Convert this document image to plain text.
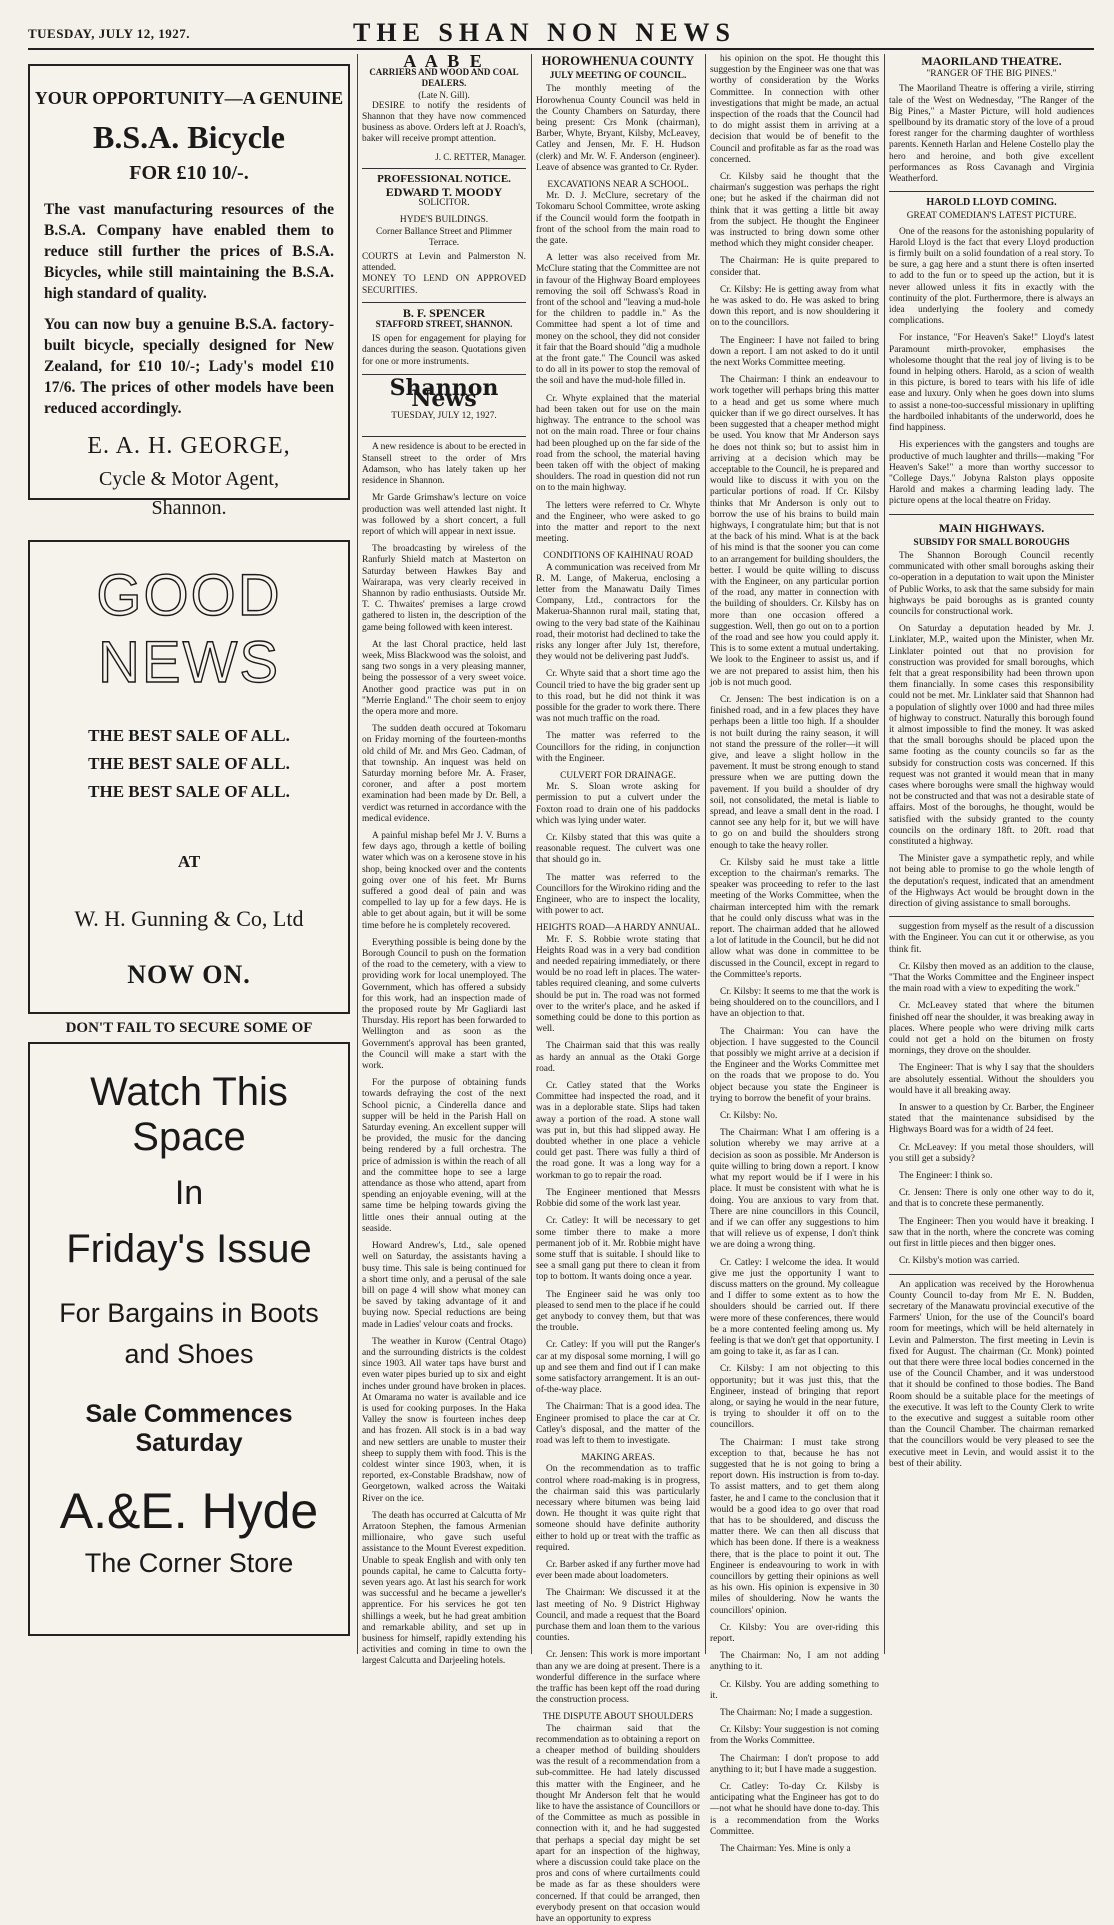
TUESDAY, JULY 12, 1927.	THE SHAN NON NEWS
YOUR OPPORTUNITY—A GENUINE
B.S.A. Bicycle
FOR £10 10/-.
The vast manufacturing resources of the B.S.A. Company have enabled them to reduce still further the prices of B.S.A. Bicycles, while still maintaining the B.S.A. high standard of quality.
You can now buy a genuine B.S.A. factory-built bicycle, specially designed for New Zealand, for £10 10/-; Lady's model £10 17/6. The prices of other models have been reduced accordingly.
E. A. H. GEORGE,
Cycle & Motor Agent,
Shannon.
GOOD NEWS
THE BEST SALE OF ALL.
THE BEST SALE OF ALL.
THE BEST SALE OF ALL.
AT
W. H. Gunning & Co, Ltd
NOW ON.
DON'T FAIL TO SECURE SOME OF
Watch This Space
In
Friday's Issue
For Bargains in Boots
and Shoes
Sale Commences Saturday
A.&E. Hyde
The Corner Store
A A B E
CARRIERS AND WOOD AND COAL DEALERS.
(Late N. Gill).

DESIRE to notify the residents of Shannon that they have now commenced business as above. Orders left at J. Roach's, baker will receive prompt attention.

J. C. RETTER, Manager.
PROFESSIONAL NOTICE.
EDWARD T. MOODY
SOLICITOR.
HYDE'S BUILDINGS.
Corner Ballance Street and Plimmer Terrace.
COURTS at Levin and Palmerston N. attended.
MONEY TO LEND ON APPROVED SECURITIES.
B. F. SPENCER
STAFFORD STREET, SHANNON.

IS open for engagement for playing for dances during the season. Quotations given for one or more instruments.

Shannon News
TUESDAY, JULY 12, 1927.

A new residence is about to be erected in Stansell street to the order of Mrs Adamson, who has lately taken up her residence in Shannon.

Mr Garde Grimshaw's lecture on voice production was well attended last night. It was followed by a short concert, a full report of which will appear in next issue.

The broadcasting by wireless of the Ranfurly Shield match at Masterton on Saturday between Hawkes Bay and Wairarapa, was very clearly received in Shannon by radio enthusiasts. Outside Mr. T. C. Thwaites' premises a large crowd gathered to listen in, the description of the game being followed with keen interest.

At the last Choral practice, held last week, Miss Blackwood was the soloist, and sang two songs in a very pleasing manner, being the possessor of a very sweet voice. Another good practice was put in on "Merrie England." The choir seem to enjoy the opera more and more.

The sudden death occured at Tokomaru on Friday morning of the fourteen-months old child of Mr. and Mrs Geo. Cadman, of that township. An inquest was held on Saturday morning before Mr. A. Fraser, coroner, and after a post mortem examination had been made by Dr. Bell, a verdict was returned in accordance with the medical evidence.

A painful mishap befel Mr J. V. Burns a few days ago, through a kettle of boiling water which was on a kerosene stove in his shop, being knocked over and the contents going over one of his feet. Mr Burns suffered a good deal of pain and was compelled to lay up for a few days. He is able to get about again, but it will be some time before he is completely recovered.

Everything possible is being done by the Borough Council to push on the formation of the road to the cemetery, with a view to providing work for local unemployed. The Government, which has offered a subsidy for this work, had an inspection made of the proposed route by Mr Gagliardi last Thursday. His report has been forwarded to Wellington and as soon as the Government's approval has been granted, the Council will make a start with the work.

For the purpose of obtaining funds towards defraying the cost of the next School picnic, a Cinderella dance and supper will be held in the Parish Hall on Saturday evening. An excellent supper will be provided, the music for the dancing being rendered by a full orchestra. The price of admission is within the reach of all and the committee hope to see a large attendance as those who attend, apart from spending an enjoyable evening, will at the same time be helping towards giving the little ones their annual outing at the seaside.

Howard Andrew's, Ltd., sale opened well on Saturday, the assistants having a busy time. This sale is being continued for a short time only, and a perusal of the sale bill on page 4 will show what money can be saved by taking advantage of it and buying now. Special reductions are being made in Ladies' velour coats and frocks.

The weather in Kurow (Central Otago) and the surrounding districts is the coldest since 1903. All water taps have burst and even water pipes buried up to six and eight inches under ground have broken in places. At Omarama no water is available and ice is used for cooking purposes. In the Haka Valley the snow is fourteen inches deep and has frozen. All stock is in a bad way and new settlers are unable to muster their sheep to supply them with food. This is the coldest winter since 1903, when, it is reported, ex-Constable Bradshaw, now of Georgetown, walked across the Waitaki River on the ice.

The death has occurred at Calcutta of Mr Arratoon Stephen, the famous Armenian millionaire, who gave such useful assistance to the Mount Everest expedition. Unable to speak English and with only ten pounds capital, he came to Calcutta forty-seven years ago. At last his search for work was successful and he became a jeweller's apprentice. For his services he got ten shillings a week, but he had great ambition and remarkable ability, and set up in business for himself, rapidly extending his activities and coming in time to own the largest Calcutta and Darjeeling hotels.

HOROWHENUA COUNTY
JULY MEETING OF COUNCIL.

The monthly meeting of the Horowhenua County Council was held in the County Chambers on Saturday, there being present: Crs Monk (chairman), Barber, Whyte, Bryant, Kilsby, McLeavey, Catley and Jensen, Mr. F. H. Hudson (clerk) and Mr. W. F. Anderson (engineer). Leave of absence was granted to Cr. Ryder.

EXCAVATIONS NEAR A SCHOOL.

Mr. D. J. McClure, secretary of the Tokomaru School Committee, wrote asking if the Council would form the footpath in front of the school from the main road to the gate.

A letter was also received from Mr. McClure stating that the Committee are not in favour of the Highway Board employees removing the soil off Schwass's Road in front of the school and "leaving a mud-hole for the children to paddle in." As the Committee had spent a lot of time and money on the school, they did not consider it fair that the Board should "dig a mudhole at the front gate." The Council was asked to do all in its power to stop the removal of the soil and have the mud-hole filled in.

Cr. Whyte explained that the material had been taken out for use on the main highway. The entrance to the school was not on the main road. Three or four chains had been ploughed up on the far side of the road from the school, the material having been taken off with the object of making shoulders. The road in question did not run on to the main highway.

The letters were referred to Cr. Whyte and the Engineer, who were asked to go into the matter and report to the next meeting.

CONDITIONS OF KAIHINAU ROAD

A communication was received from Mr R. M. Lange, of Makerua, enclosing a letter from the Manawatu Daily Times Company, Ltd., contractors for the Makerua-Shannon rural mail, stating that, owing to the very bad state of the Kaihinau road, their motorist had declined to take the risks any longer after July 1st, therefore, they would not be delivering past Judd's.

Cr. Whyte said that a short time ago the Council tried to have the big grader sent up to this road, but he did not think it was possible for the grader to work there. There was not much traffic on the road.

The matter was referred to the Councillors for the riding, in conjunction with the Engineer.

CULVERT FOR DRAINAGE.

Mr. S. Sloan wrote asking for permission to put a culvert under the Foxton road to drain one of his paddocks which was lying under water.

Cr. Kilsby stated that this was quite a reasonable request. The culvert was one that should go in.

The matter was referred to the Councillors for the Wirokino riding and the Engineer, who are to inspect the locality, with power to act.

HEIGHTS ROAD—A HARDY ANNUAL.

Mr. F. S. Robbie wrote stating that Heights Road was in a very bad condition and needed repairing immediately, or there would be no road left in places. The water-tables required cleaning, and some culverts should be put in. The road was not formed over to the writer's place, and he asked if something could be done to this portion as well.

The Chairman said that this was really as hardy an annual as the Otaki Gorge road.

Cr. Catley stated that the Works Committee had inspected the road, and it was in a deplorable state. Slips had taken away a portion of the road. A stone wall was put in, but this had slipped away. He doubted whether in one place a vehicle could get past. There was fully a third of the road gone. It was a long way for a workman to go to repair the road.

The Engineer mentioned that Messrs Robbie did some of the work last year.

Cr. Catley: It will be necessary to get some timber there to make a more permanent job of it. Mr. Robbie might have some stuff that is suitable. I should like to see a small gang put there to clean it from top to bottom. It wants doing once a year.

The Engineer said he was only too pleased to send men to the place if he could get anybody to convey them, but that was the trouble.

Cr. Catley: If you will put the Ranger's car at my disposal some morning, I will go up and see them and find out if I can make some satisfactory arrangement. It is an out-of-the-way place.

The Chairman: That is a good idea. The Engineer promised to place the car at Cr. Catley's disposal, and the matter of the road was left to them to investigate.

MAKING AREAS.

On the recommendation as to traffic control where road-making is in progress, the chairman said this was particularly necessary where bitumen was being laid down. He thought it was quite right that someone should have definite authority either to hold up or treat with the traffic as required.

Cr. Barber asked if any further move had ever been made about loadometers.

The Chairman: We discussed it at the last meeting of No. 9 District Highway Council, and made a request that the Board purchase them and loan them to the various counties.

Cr. Jensen: This work is more important than any we are doing at present. There is a wonderful difference in the surface where the traffic has been kept off the road during the construction process.

THE DISPUTE ABOUT SHOULDERS

The chairman said that the recommendation as to obtaining a report on a cheaper method of building shoulders was the result of a recommendation from a sub-committee. He had lately discussed this matter with the Engineer, and he thought Mr Anderson felt that he would like to have the assistance of Councillors or of the Committee as much as possible in connection with it, and he had suggested that perhaps a special day might be set apart for an inspection of the highway, where a discussion could take place on the pros and cons of where curtailments could be made as far as these shoulders were concerned. If that could be arranged, then everybody present on that occasion would have an opportunity to express

his opinion on the spot. He thought this suggestion by the Engineer was one that was worthy of consideration by the Works Committee. In connection with other investigations that might be made, an actual inspection of the roads that the Council had to do might assist them in arriving at a decision that would be of benefit to the Council and profitable as far as the road was concerned.

Cr. Kilsby said he thought that the chairman's suggestion was perhaps the right one; but he asked if the chairman did not think that it was getting a little bit away from the subject. He thought the Engineer was instructed to bring down some other method which they might consider cheaper.

The Chairman: He is quite prepared to consider that.

Cr. Kilsby: He is getting away from what he was asked to do. He was asked to bring down this report, and is now shouldering it on to the councillors.

The Engineer: I have not failed to bring down a report. I am not asked to do it until the next Works Committee meeting.

The Chairman: I think an endeavour to work together will perhaps bring this matter to a head and get us some where much quicker than if we go direct ourselves. It has been suggested that a cheaper method might be used. You know that Mr Anderson says he does not think so; but to assist him in arriving at a decision which may be acceptable to the Council, he is prepared and would like to discuss it with you on the particular portions of road. If Cr. Kilsby thinks that Mr Anderson is only out to borrow the use of his brains to build main highways, I congratulate him; but that is not at the back of his mind. What is at the back of his mind is that the sooner you can come to an arrangement for building shoulders, the better. I would be quite willing to discuss with the Engineer, on any particular portion of the road, any matter in connection with the building of shoulders. Cr. Kilsby has on more than one occasion offered a suggestion. Well, then go out on to a portion of the road and see how you could apply it. This is to some extent a mutual undertaking. We look to the Engineer to assist us, and if we are not prepared to assist him, then his job is not much good.

Cr. Jensen: The best indication is on a finished road, and in a few places they have perhaps been a little too high. If a shoulder is not built during the rainy season, it will not stand the pressure of the roller—it will give, and leave a slight hollow in the pavement. It must be strong enough to stand pressure when we are putting down the pavement. If you build a shoulder of dry soil, not consolidated, the metal is liable to spread, and leave a small dent in the road. I cannot see any help for it, but we will have to go on and build the shoulders strong enough to take the heavy roller.

Cr. Kilsby said he must take a little exception to the chairman's remarks. The speaker was proceeding to refer to the last meeting of the Works Committee, when the chairman intercepted him with the remark that he could only discuss what was in the report. The chairman added that he allowed a lot of latitude in the Council, but he did not allow what was done in committee to be discussed in the Council, except in regard to the Committee's reports.

Cr. Kilsby: It seems to me that the work is being shouldered on to the councillors, and I have an objection to that.

The Chairman: You can have the objection. I have suggested to the Council that possibly we might arrive at a decision if the Engineer and the Works Committee met on the roads that we propose to do. You object because you state the Engineer is trying to borrow the benefit of your brains.

Cr. Kilsby: No.

The Chairman: What I am offering is a solution whereby we may arrive at a decision as soon as possible. Mr Anderson is quite willing to bring down a report. I know what my report would be if I were in his place. It must be consistent with what he is doing. You are anxious to vary from that. There are nine councillors in this Council, and if we can offer any suggestions to him that will relieve us of expense, I don't think we are doing a wrong thing.

Cr. Catley: I welcome the idea. It would give me just the opportunity I want to discuss matters on the ground. My colleague and I differ to some extent as to how the shoulders should be carried out. If there were more of these conferences, there would be a more contented feeling among us. My feeling is that we don't get that opportunity. I am going to take it, as far as I can.

Cr. Kilsby: I am not objecting to this opportunity; but it was just this, that the Engineer, instead of bringing that report along, or saying he would in the near future, is trying to shoulder it off on to the councillors.

The Chairman: I must take strong exception to that, because he has not suggested that he is not going to bring a report down. His instruction is from to-day. To assist matters, and to get them along faster, he and I came to the conclusion that it would be a good idea to go over that road that has to be shouldered, and discuss the matter there. We can then all discuss that which has been done. If there is a weakness there, that is the place to point it out. The Engineer is endeavouring to work in with councillors by getting their opinions as well as his own. His opinion is expensive in 30 miles of shouldering. Now he wants the councillors' opinion.

Cr. Kilsby: You are over-riding this report.

The Chairman: No, I am not adding anything to it.

Cr. Kilsby. You are adding something to it.

The Chairman: No; I made a suggestion.

Cr. Kilsby: Your suggestion is not coming from the Works Committee.

The Chairman: I don't propose to add anything to it; but I have made a suggestion.

Cr. Catley: To-day Cr. Kilsby is anticipating what the Engineer has got to do—not what he should have done to-day. This is a recommendation from the Works Committee.

The Chairman: Yes. Mine is only a

MAORILAND THEATRE.
"RANGER OF THE BIG PINES."

The Maoriland Theatre is offering a virile, stirring tale of the West on Wednesday, "The Ranger of the Big Pines," a Master Picture, will hold audiences spellbound by its dramatic story of the love of a proud forest ranger for the charming daughter of worthless parents. Kenneth Harlan and Helene Costello play the hero and heroine, and both give excellent performances as Ross Cavanagh and Virginia Weatherford.

HAROLD LLOYD COMING.
GREAT COMEDIAN'S LATEST PICTURE.

One of the reasons for the astonishing popularity of Harold Lloyd is the fact that every Lloyd production is firmly built on a solid foundation of a real story. To be sure, a gag here and a stunt there is often inserted to add to the fun or to speed up the action, but it is never allowed unless it fits in exactly with the continuity of the plot. Furthermore, there is always an idea underlying the foolery and comedy complications.

For instance, "For Heaven's Sake!" Lloyd's latest Paramount mirth-provoker, emphasises the wholesome thought that the real joy of living is to be found in helping others. Harold, as a scion of wealth in this picture, is bored to tears with his life of idle ease and luxury. Only when he goes down into slums to assist a none-too-successful missionary in uplifting the hardboiled inhabitants of the underworld, does he find happiness.

His experiences with the gangsters and toughs are productive of much laughter and thrills—making "For Heaven's Sake!" a more than worthy successor to "College Days." Jobyna Ralston plays opposite Harold and makes a charming leading lady. The picture opens at the local theatre on Friday.

MAIN HIGHWAYS.
SUBSIDY FOR SMALL BOROUGHS

The Shannon Borough Council recently communicated with other small boroughs asking their co-operation in a deputation to wait upon the Minister of Public Works, to ask that the same subsidy for main highways be paid boroughs as is granted county councils for constructional work.

On Saturday a deputation headed by Mr. J. Linklater, M.P., waited upon the Minister, when Mr. Linklater pointed out that no provision for construction was provided for small boroughs, which felt that a great responsibility had been thrown upon them financially. In some cases this responsibility could not be met. Mr. Linklater said that Shannon had a population of slightly over 1000 and had three miles of highway to construct. Naturally this borough found it almost impossible to find the money. It was asked that the small boroughs should be placed upon the same footing as the county councils so far as the subsidy for construction costs was concerned. If this request was not granted it would mean that in many cases where boroughs were small the highway would not be constructed and that was not a desirable state of affairs. Most of the boroughs, he thought, would be satisfied with the subsidy granted to the county councils on the ordinary 18ft. to 20ft. road that constituted a highway.

The Minister gave a sympathetic reply, and while not being able to promise to go the whole length of the deputation's request, indicated that an amendment of the Highways Act would be brought down in the direction of giving assistance to small boroughs.

suggestion from myself as the result of a discussion with the Engineer. You can cut it or otherwise, as you think fit.

Cr. Kilsby then moved as an addition to the clause, "That the Works Committee and the Engineer inspect the main road with a view to expediting the work."

Cr. McLeavey stated that where the bitumen finished off near the shoulder, it was breaking away in places. Where people who were driving milk carts could not get a hold on the bitumen on frosty mornings, they drove on the shoulder.

The Engineer: That is why I say that the shoulders are absolutely essential. Without the shoulders you would have it all breaking away.

In answer to a question by Cr. Barber, the Engineer stated that the maintenance subsidised by the Highways Board was for a width of 24 feet.

Cr. McLeavey: If you metal those shoulders, will you still get a subsidy?

The Engineer: I think so.

Cr. Jensen: There is only one other way to do it, and that is to concrete these permanently.

The Engineer: Then you would have it breaking. I saw that in the north, where the concrete was coming out first in little pieces and then bigger ones.

Cr. Kilsby's motion was carried.

An application was received by the Horowhenua County Council to-day from Mr E. N. Budden, secretary of the Manawatu provincial executive of the Farmers' Union, for the use of the Council's board room for meetings, which will be held alternately in Levin and Palmerston. The first meeting in Levin is fixed for August. The chairman (Cr. Monk) pointed out that there were three local bodies concerned in the use of the Council Chamber, and it was understood that it should be confined to those bodies. The Band Room should be a suitable place for the meetings of the executive. It was left to the County Clerk to write to the executive and suggest a suitable room other than the Council Chamber. The chairman remarked that the councillors would be very pleased to see the executive meet in Levin, and would assist it to the best of their ability.
